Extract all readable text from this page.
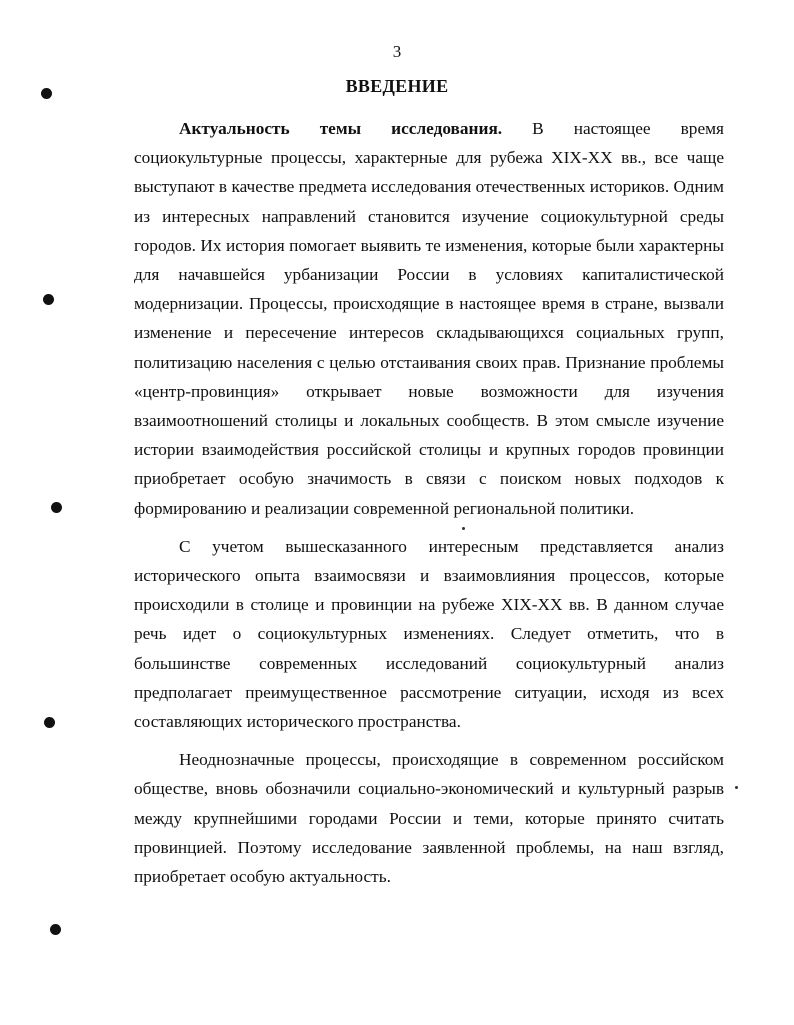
3
ВВЕДЕНИЕ

Актуальность темы исследования. В настоящее время социокультурные процессы, характерные для рубежа XIX-XX вв., все чаще выступают в качестве предмета исследования отечественных историков. Одним из интересных направлений становится изучение социокультурной среды городов. Их история помогает выявить те изменения, которые были характерны для начавшейся урбанизации России в условиях капиталистической модернизации. Процессы, происходящие в настоящее время в стране, вызвали изменение и пересечение интересов складывающихся социальных групп, политизацию населения с целью отстаивания своих прав. Признание проблемы «центр-провинция» открывает новые возможности для изучения взаимоотношений столицы и локальных сообществ. В этом смысле изучение истории взаимодействия российской столицы и крупных городов провинции приобретает особую значимость в связи с поиском новых подходов к формированию и реализации современной региональной политики.

С учетом вышесказанного интересным представляется анализ исторического опыта взаимосвязи и взаимовлияния процессов, которые происходили в столице и провинции на рубеже XIX-XX вв. В данном случае речь идет о социокультурных изменениях. Следует отметить, что в большинстве современных исследований социокультурный анализ предполагает преимущественное рассмотрение ситуации, исходя из всех составляющих исторического пространства.

Неоднозначные процессы, происходящие в современном российском обществе, вновь обозначили социально-экономический и культурный разрыв между крупнейшими городами России и теми, которые принято считать провинцией. Поэтому исследование заявленной проблемы, на наш взгляд, приобретает особую актуальность.
